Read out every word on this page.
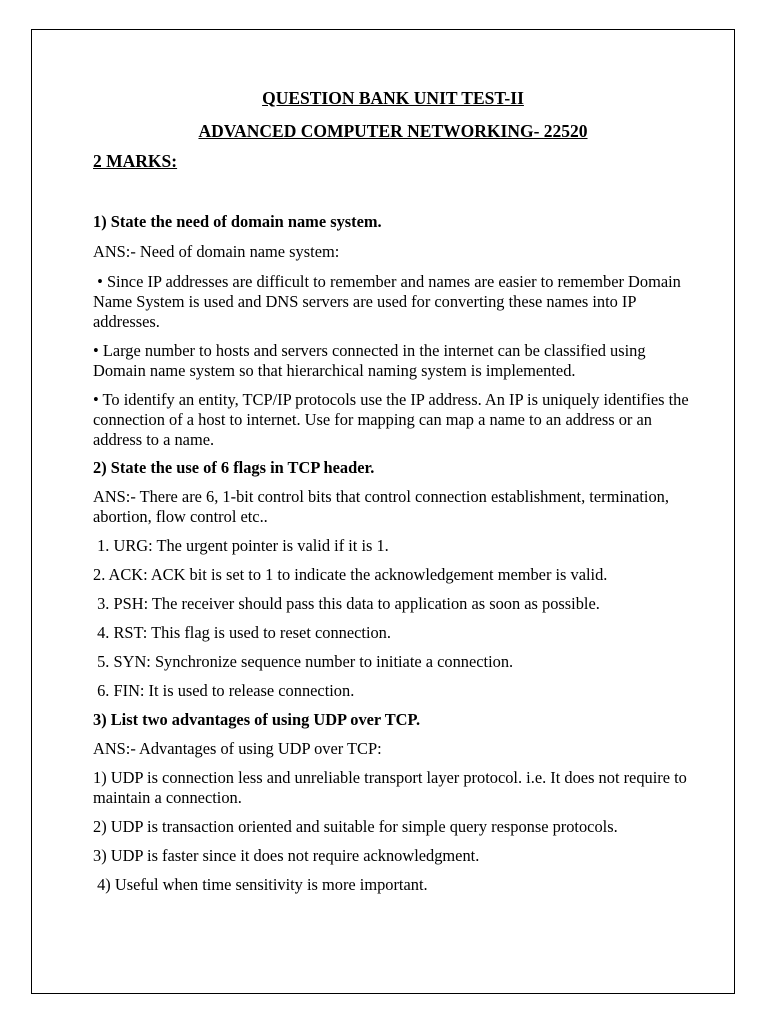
QUESTION BANK UNIT TEST-II
ADVANCED COMPUTER NETWORKING- 22520
2 MARKS:

1) State the need of domain name system.

ANS:- Need of domain name system:

• Since IP addresses are difficult to remember and names are easier to remember Domain Name System is used and DNS servers are used for converting these names into IP addresses.

• Large number to hosts and servers connected in the internet can be classified using Domain name system so that hierarchical naming system is implemented.

• To identify an entity, TCP/IP protocols use the IP address. An IP is uniquely identifies the connection of a host to internet. Use for mapping can map a name to an address or an address to a name.

2) State the use of 6 flags in TCP header.

ANS:- There are 6, 1-bit control bits that control connection establishment, termination, abortion, flow control etc..

1. URG: The urgent pointer is valid if it is 1.

2. ACK: ACK bit is set to 1 to indicate the acknowledgement member is valid.

3. PSH: The receiver should pass this data to application as soon as possible.

4. RST: This flag is used to reset connection.

5. SYN: Synchronize sequence number to initiate a connection.

6. FIN: It is used to release connection.

3) List two advantages of using UDP over TCP.

ANS:- Advantages of using UDP over TCP:

1) UDP is connection less and unreliable transport layer protocol. i.e. It does not require to maintain a connection.

2) UDP is transaction oriented and suitable for simple query response protocols.

3) UDP is faster since it does not require acknowledgment.

4) Useful when time sensitivity is more important.
